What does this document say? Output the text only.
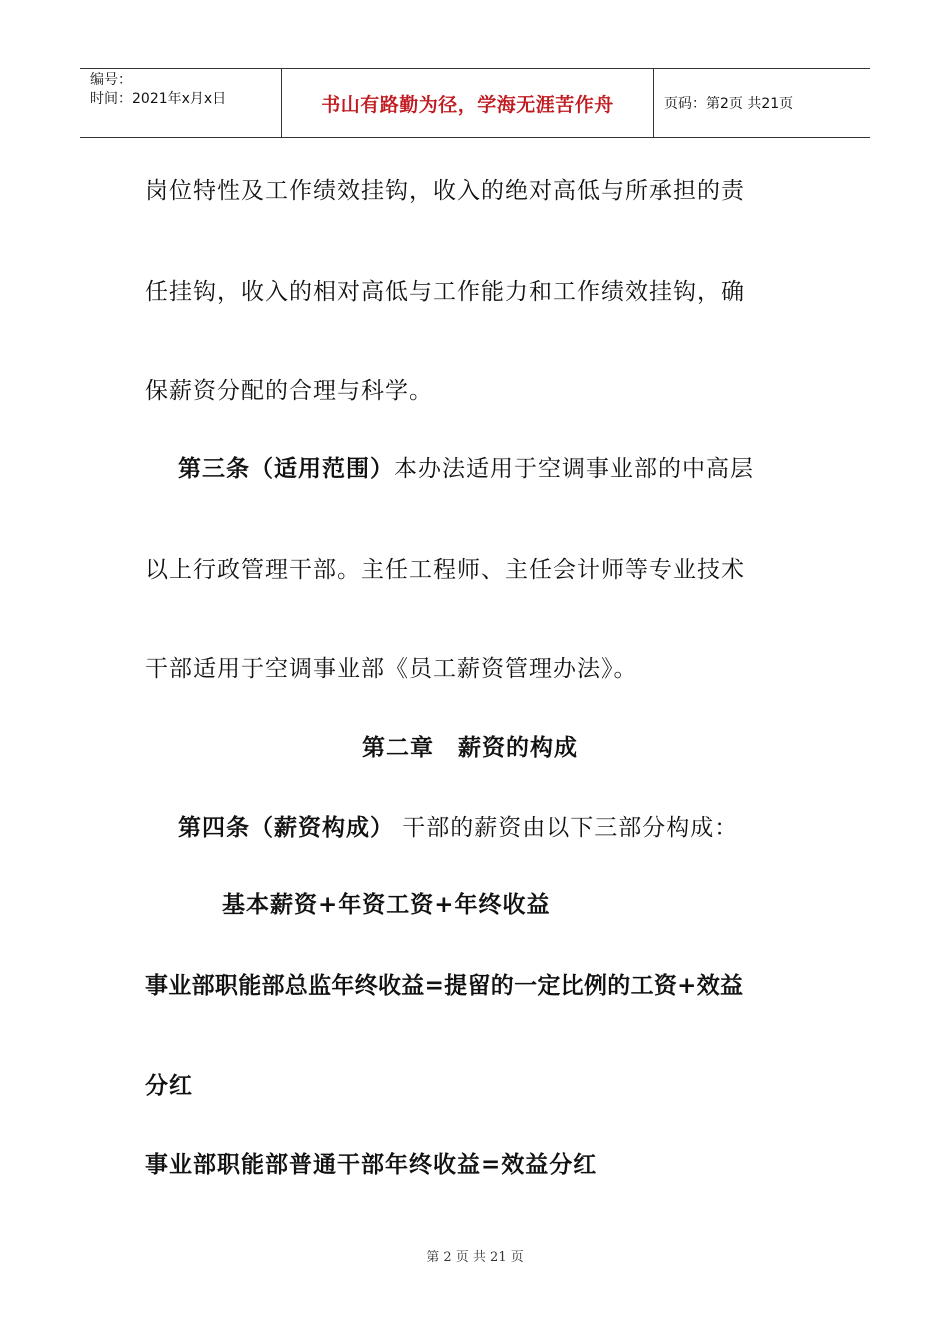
编号：
时间：2021年x月x日	书山有路勤为径，学海无涯苦作舟	页码：第2页 共21页
岗位特性及工作绩效挂钩，收入的绝对高低与所承担的责
任挂钩，收入的相对高低与工作能力和工作绩效挂钩，确
保薪资分配的合理与科学。
第三条（适用范围）本办法适用于空调事业部的中高层
以上行政管理干部。主任工程师、主任会计师等专业技术
干部适用于空调事业部《员工薪资管理办法》。
第二章　薪资的构成
第四条（薪资构成） 干部的薪资由以下三部分构成：
基本薪资+年资工资+年终收益
事业部职能部总监年终收益=提留的一定比例的工资+效益
分红
事业部职能部普通干部年终收益=效益分红
第 2 页 共 21 页
